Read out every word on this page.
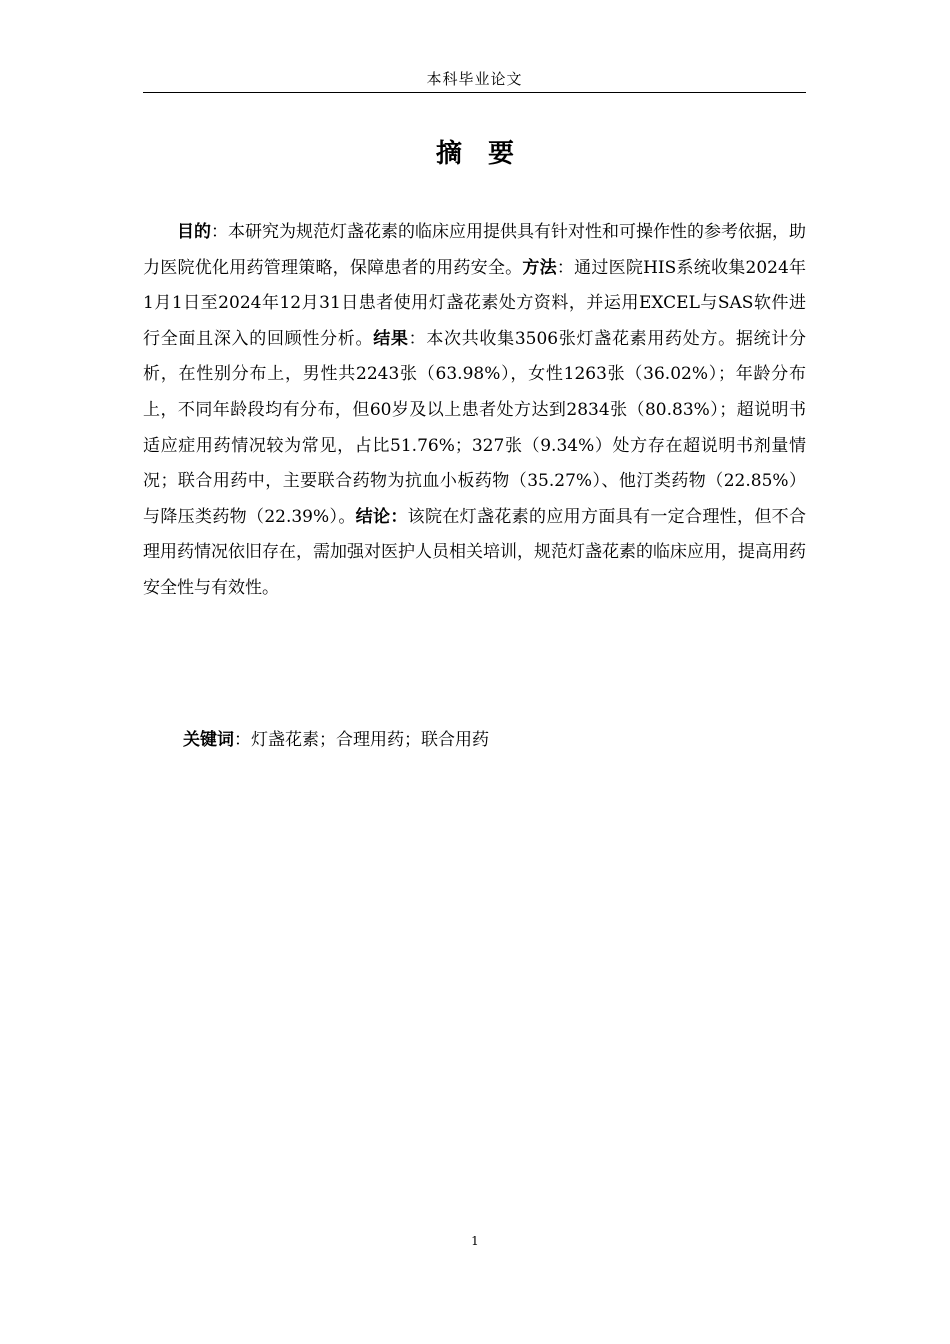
本科毕业论文
摘 要

目的：本研究为规范灯盏花素的临床应用提供具有针对性和可操作性的参考依据，助力医院优化用药管理策略，保障患者的用药安全。方法：通过医院HIS系统收集2024年1月1日至2024年12月31日患者使用灯盏花素处方资料，并运用EXCEL与SAS软件进行全面且深入的回顾性分析。结果：本次共收集3506张灯盏花素用药处方。据统计分析，在性别分布上，男性共2243张（63.98%），女性1263张（36.02%）；年龄分布上，不同年龄段均有分布，但60岁及以上患者处方达到2834张（80.83%）；超说明书适应症用药情况较为常见，占比51.76%；327张（9.34%）处方存在超说明书剂量情况；联合用药中，主要联合药物为抗血小板药物（35.27%）、他汀类药物（22.85%）与降压类药物（22.39%）。结论：该院在灯盏花素的应用方面具有一定合理性，但不合理用药情况依旧存在，需加强对医护人员相关培训，规范灯盏花素的临床应用，提高用药安全性与有效性。

关键词：灯盏花素；合理用药；联合用药

1
